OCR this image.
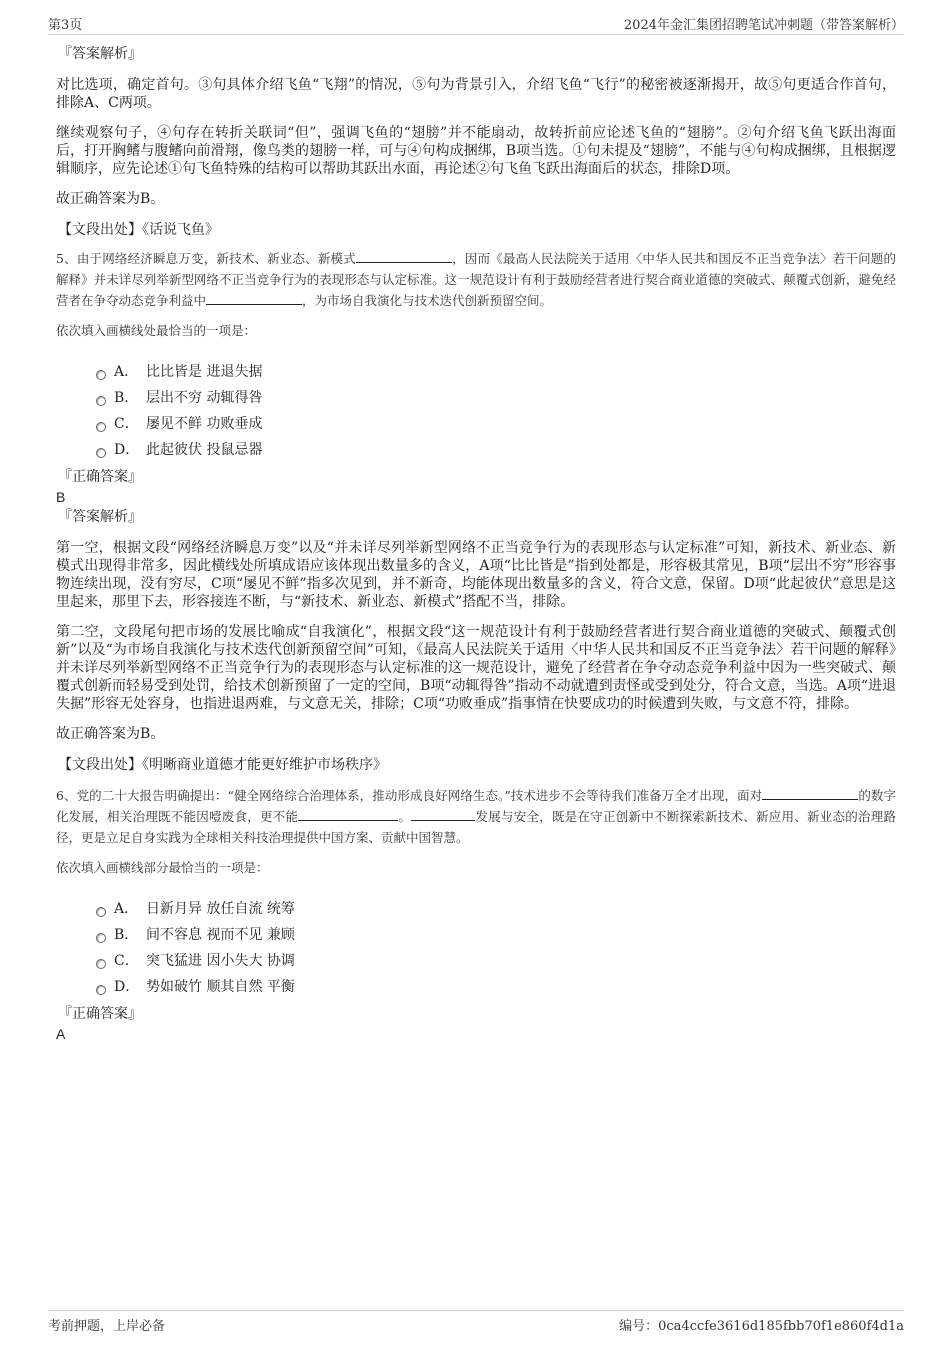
第3页	2024年金汇集团招聘笔试冲刺题（带答案解析）
『答案解析』

对比选项，确定首句。③句具体介绍飞鱼“飞翔”的情况，⑤句为背景引入，介绍飞鱼“飞行”的秘密被逐渐揭开，故⑤句更适合作首句，排除A、C两项。

继续观察句子，④句存在转折关联词“但”，强调飞鱼的“翅膀”并不能扇动，故转折前应论述飞鱼的“翅膀”。②句介绍飞鱼飞跃出海面后，打开胸鳍与腹鳍向前滑翔，像鸟类的翅膀一样，可与④句构成捆绑，B项当选。①句未提及“翅膀”，不能与④句构成捆绑，且根据逻辑顺序，应先论述①句飞鱼特殊的结构可以帮助其跃出水面，再论述②句飞鱼飞跃出海面后的状态，排除D项。

故正确答案为B。

【文段出处】《话说飞鱼》

5、由于网络经济瞬息万变，新技术、新业态、新模式	，因而《最高人民法院关于适用〈中华人民共和国反不正当竞争法〉若干问题的解释》并未详尽列举新型网络不正当竞争行为的表现形态与认定标准。这一规范设计有利于鼓励经营者进行契合商业道德的突破式、颠覆式创新，避免经营者在争夺动态竞争利益中	，为市场自我演化与技术迭代创新预留空间。

依次填入画横线处最恰当的一项是：

A． 比比皆是 进退失据
B． 层出不穷 动辄得咎
C． 屡见不鲜 功败垂成
D． 此起彼伏 投鼠忌器
『正确答案』
B
『答案解析』

第一空，根据文段“网络经济瞬息万变”以及“并未详尽列举新型网络不正当竞争行为的表现形态与认定标准”可知，新技术、新业态、新模式出现得非常多，因此横线处所填成语应该体现出数量多的含义，A项“比比皆是”指到处都是，形容极其常见，B项“层出不穷”形容事物连续出现，没有穷尽，C项“屡见不鲜”指多次见到，并不新奇，均能体现出数量多的含义，符合文意，保留。D项“此起彼伏”意思是这里起来，那里下去，形容接连不断，与“新技术、新业态、新模式”搭配不当，排除。

第二空，文段尾句把市场的发展比喻成“自我演化”，根据文段“这一规范设计有利于鼓励经营者进行契合商业道德的突破式、颠覆式创新”以及“为市场自我演化与技术迭代创新预留空间”可知，《最高人民法院关于适用〈中华人民共和国反不正当竞争法〉若干问题的解释》并未详尽列举新型网络不正当竞争行为的表现形态与认定标准的这一规范设计，避免了经营者在争夺动态竞争利益中因为一些突破式、颠覆式创新而轻易受到处罚，给技术创新预留了一定的空间，B项“动辄得咎”指动不动就遭到责怪或受到处分，符合文意，当选。A项“进退失据”形容无处容身，也指进退两难，与文意无关，排除；C项“功败垂成”指事情在快要成功的时候遭到失败，与文意不符，排除。

故正确答案为B。

【文段出处】《明晰商业道德才能更好维护市场秩序》

6、党的二十大报告明确提出：“健全网络综合治理体系，推动形成良好网络生态。”技术进步不会等待我们准备万全才出现，面对	的数字化发展，相关治理既不能因噎废食，更不能	。	发展与安全，既是在守正创新中不断探索新技术、新应用、新业态的治理路径，更是立足自身实践为全球相关科技治理提供中国方案、贡献中国智慧。

依次填入画横线部分最恰当的一项是：

A． 日新月异 放任自流 统筹
B． 间不容息 视而不见 兼顾
C． 突飞猛进 因小失大 协调
D． 势如破竹 顺其自然 平衡
『正确答案』
A
考前押题，上岸必备	编号：0ca4ccfe3616d185fbb70f1e860f4d1a
